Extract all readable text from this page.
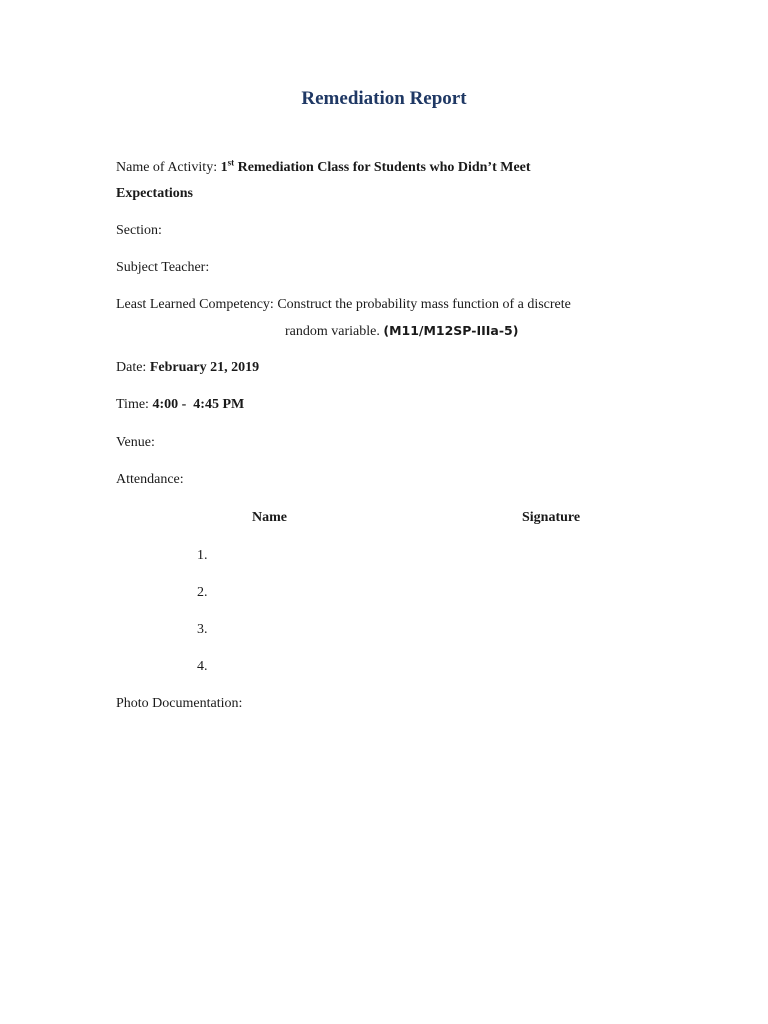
Remediation Report
Name of Activity: 1st Remediation Class for Students who Didn’t Meet
Expectations
Section:
Subject Teacher:
Least Learned Competency: Construct the probability mass function of a discrete
random variable. (M11/M12SP-IIIa-5)
Date: February 21, 2019
Time: 4:00 -  4:45 PM
Venue:
Attendance:
Name	Signature
1.
2.
3.
4.
Photo Documentation:
